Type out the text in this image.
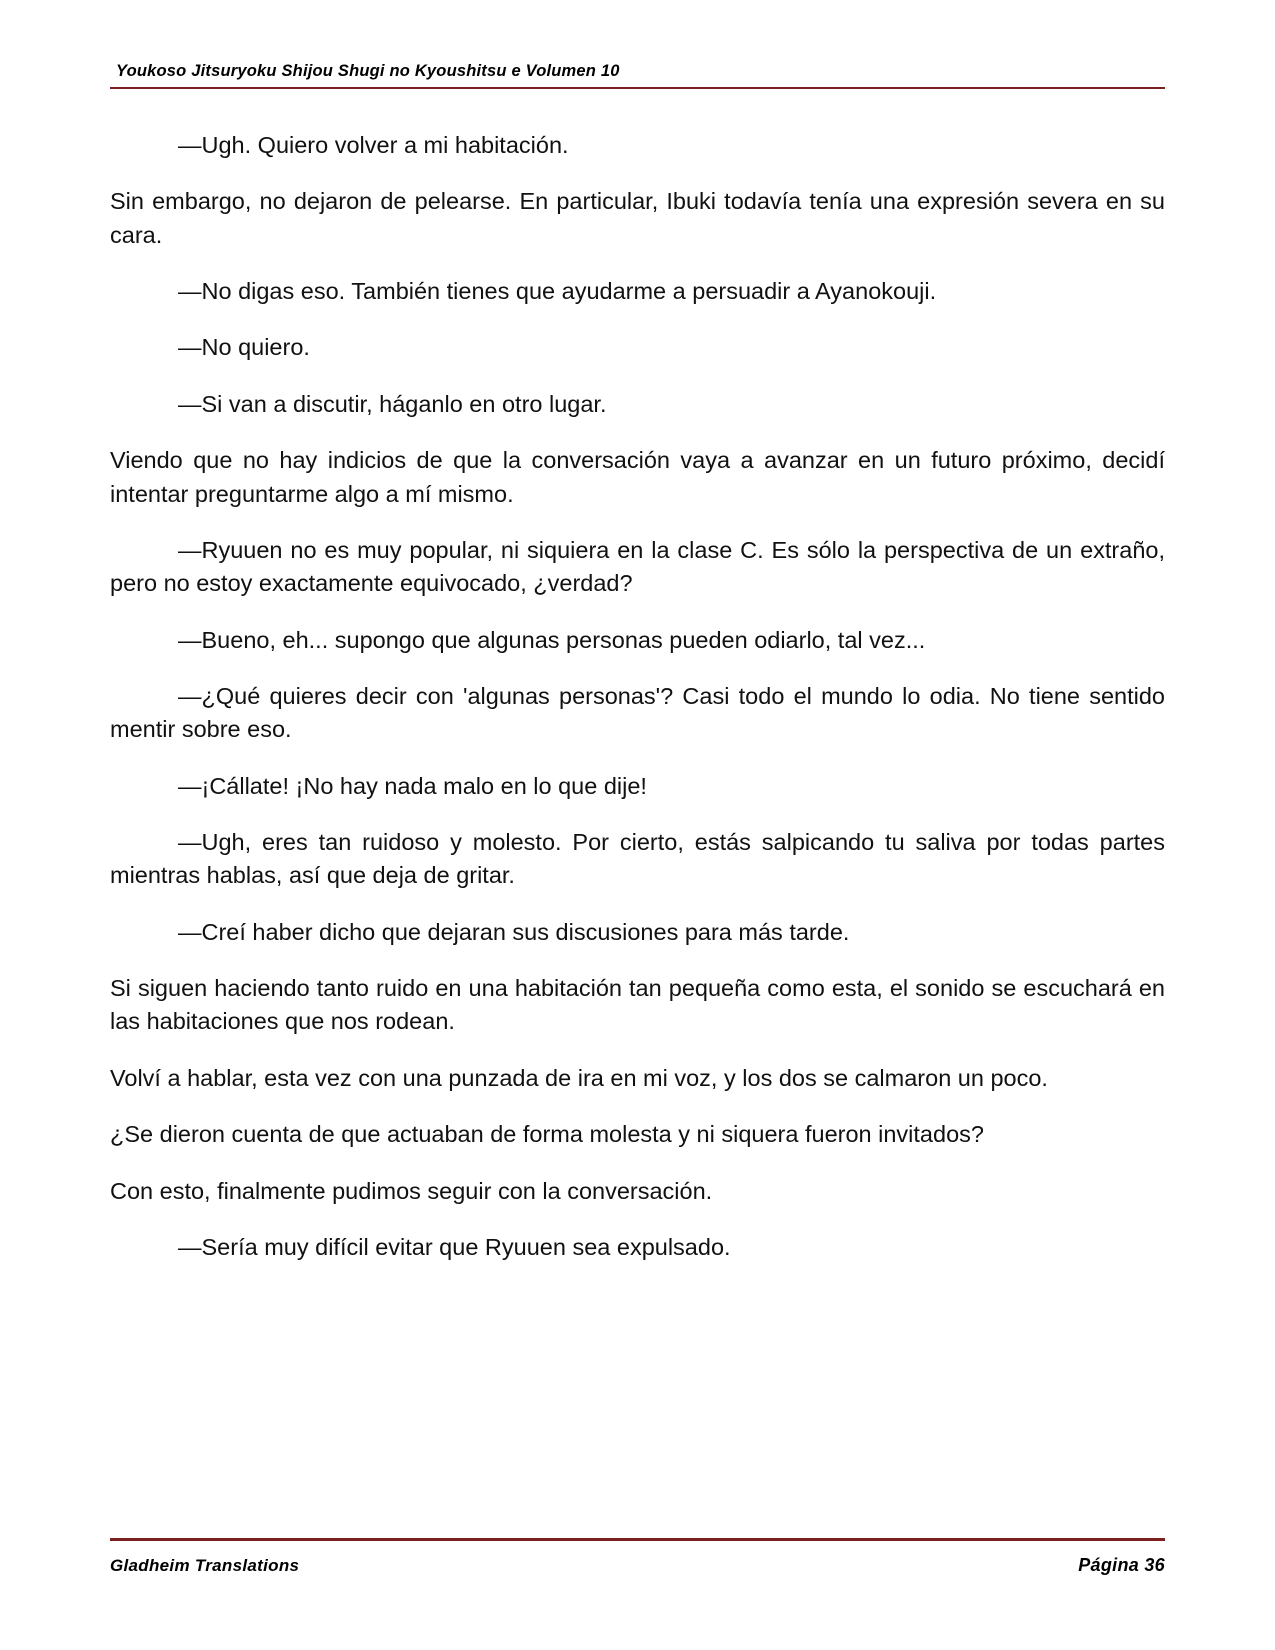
Youkoso Jitsuryoku Shijou Shugi no Kyoushitsu e Volumen 10

—Ugh. Quiero volver a mi habitación.

Sin embargo, no dejaron de pelearse. En particular, Ibuki todavía tenía una expresión severa en su cara.

—No digas eso. También tienes que ayudarme a persuadir a Ayanokouji.

—No quiero.

—Si van a discutir, háganlo en otro lugar.

Viendo que no hay indicios de que la conversación vaya a avanzar en un futuro próximo, decidí intentar preguntarme algo a mí mismo.

—Ryuuen no es muy popular, ni siquiera en la clase C. Es sólo la perspectiva de un extraño, pero no estoy exactamente equivocado, ¿verdad?

—Bueno, eh... supongo que algunas personas pueden odiarlo, tal vez...

—¿Qué quieres decir con 'algunas personas'? Casi todo el mundo lo odia. No tiene sentido mentir sobre eso.

—¡Cállate! ¡No hay nada malo en lo que dije!

—Ugh, eres tan ruidoso y molesto. Por cierto, estás salpicando tu saliva por todas partes mientras hablas, así que deja de gritar.

—Creí haber dicho que dejaran sus discusiones para más tarde.

Si siguen haciendo tanto ruido en una habitación tan pequeña como esta, el sonido se escuchará en las habitaciones que nos rodean.

Volví a hablar, esta vez con una punzada de ira en mi voz, y los dos se calmaron un poco.

¿Se dieron cuenta de que actuaban de forma molesta y ni siquera fueron invitados?

Con esto, finalmente pudimos seguir con la conversación.

—Sería muy difícil evitar que Ryuuen sea expulsado.

Gladheim Translations	Página 36
